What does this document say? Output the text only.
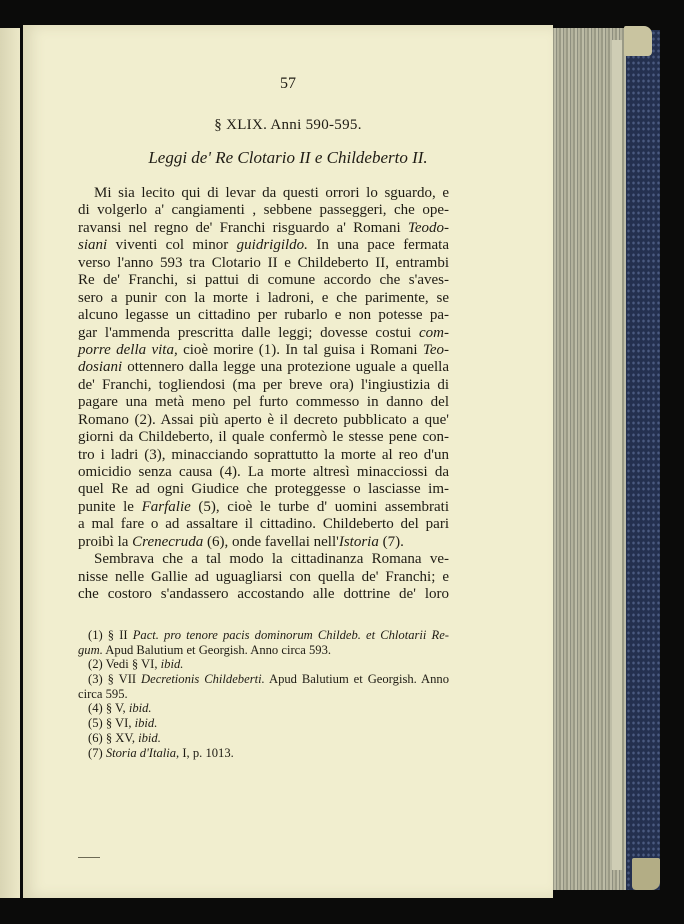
57
§ XLIX. Anni 590-595.
Leggi de' Re Clotario II e Childeberto II.
Mi sia lecito qui di levar da questi orrori lo sguardo, e
di volgerlo a' cangiamenti , sebbene passeggeri, che ope-
ravansi nel regno de' Franchi risguardo a' Romani Teodo-
siani viventi col minor guidrigildo. In una pace fermata
verso l'anno 593 tra Clotario II e Childeberto II, entrambi
Re de' Franchi, si pattui di comune accordo che s'aves-
sero a punir con la morte i ladroni, e che parimente, se
alcuno legasse un cittadino per rubarlo e non potesse pa-
gar l'ammenda prescritta dalle leggi; dovesse costui com-
porre della vita, cioè morire (1). In tal guisa i Romani Teo-
dosiani ottennero dalla legge una protezione uguale a quella
de' Franchi, togliendosi (ma per breve ora) l'ingiustizia di
pagare una metà meno pel furto commesso in danno del
Romano (2). Assai più aperto è il decreto pubblicato a que'
giorni da Childeberto, il quale confermò le stesse pene con-
tro i ladri (3), minacciando soprattutto la morte al reo d'un
omicidio senza causa (4). La morte altresì minacciossi da
quel Re ad ogni Giudice che proteggesse o lasciasse im-
punite le Farfalie (5), cioè le turbe d' uomini assembrati
a mal fare o ad assaltare il cittadino. Childeberto del pari
proibì la Crenecruda (6), onde favellai nell'Istoria (7).
Sembrava che a tal modo la cittadinanza Romana ve-
nisse nelle Gallie ad uguagliarsi con quella de' Franchi; e
che costoro s'andassero accostando alle dottrine de' loro
(1) § II Pact. pro tenore pacis dominorum Childeb. et Chlotarii Re-
gum. Apud Balutium et Georgish. Anno circa 593.
(2) Vedi § VI, ibid.
(3) § VII Decretionis Childeberti. Apud Balutium et Georgish. Anno
circa 595.
(4) § V, ibid.
(5) § VI, ibid.
(6) § XV, ibid.
(7) Storia d'Italia, I, p. 1013.
